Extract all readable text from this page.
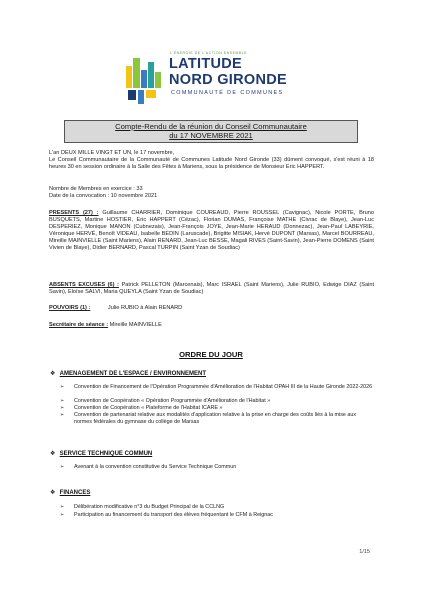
L'ÉNERGIE DE L'ACTION ENSEMBLE
LATITUDE
NORD GIRONDE
COMMUNAUTÉ DE COMMUNES
Compte-Rendu de la réunion du Conseil Communautaire
du 17 NOVEMBRE 2021
L'an DEUX MILLE VINGT ET UN, le 17 novembre,
Le Conseil Communautaire de la Communauté de Communes Latitude Nord Gironde (33) dûment convoqué, s'est réuni à 18 heures 30 en session ordinaire à la Salle des Fêtes à Mariens, sous la présidence de Monsieur Eric HAPPERT.
Nombre de Membres en exercice : 33
Date de la convocation : 10 novembre 2021
PRESENTS (27) : Guillaume CHARRIER, Dominique COUREAUD, Pierre ROUSSEL (Cavignac), Nicole PORTE, Bruno BUSQUETS, Martine HOSTIER, Eric HAPPERT (Cézac), Florian DUMAS, Françoise MATHE (Civrac de Blaye), Jean-Luc DESPERIEZ, Monique MANON (Cubnezais), Jean-François JOYE, Jean-Marie HERAUD (Donnezac), Jean-Paul LABEYRIE, Véronique HERVÉ, Benoît VIDEAU, Isabelle BEDIN (Laruscade), Brigitte MISIAK, Hervé DUPONT (Marsas), Marcel BOURREAU, Mireille MAINVIELLE (Saint Mariens), Alain RENARD, Jean-Luc BESSE, Magali RIVES (Saint-Savin), Jean-Pierre DOMENS (Saint Vivien de Blaye), Didier BERNARD, Pascal TURPIN (Saint Yzan de Soudiac)
ABSENTS EXCUSES (6) : Patrick PELLETON (Marcenais), Marc ISRAEL (Saint Mariens), Julie RUBIO, Edwige DIAZ (Saint Savin), Eloïse SALVI, Maria QUEYLA (Saint Yzan de Soudiac)
POUVOIRS (1) :	Julie RUBIO à Alain RENARD
Secrétaire de séance : Mireille MAINVIELLE
ORDRE DU JOUR
❖ AMENAGEMENT DE L'ESPACE / ENVIRONNEMENT
➢ Convention de Financement de l'Opération Programmée d'Amélioration de l'Habitat OPAH III de la Haute Gironde 2022-2026
➢ Convention de Coopération « Opération Programmée d'Amélioration de l'Habitat »
➢ Convention de Coopération « Plateforme de l'Habitat ICARE »
➢ Convention de partenariat relative aux modalités d'application relative à la prise en charge des coûts liés à la mise aux normes fédérales du gymnase du collège de Marsas
❖ SERVICE TECHNIQUE COMMUN
➢ Avenant à la convention constitutive du Service Technique Commun
❖ FINANCES
➢ Délibération modificative n°3 du Budget Principal de la CCLNG
➢ Participation au financement du transport des élèves fréquentant le CFM à Reignac
1/15
